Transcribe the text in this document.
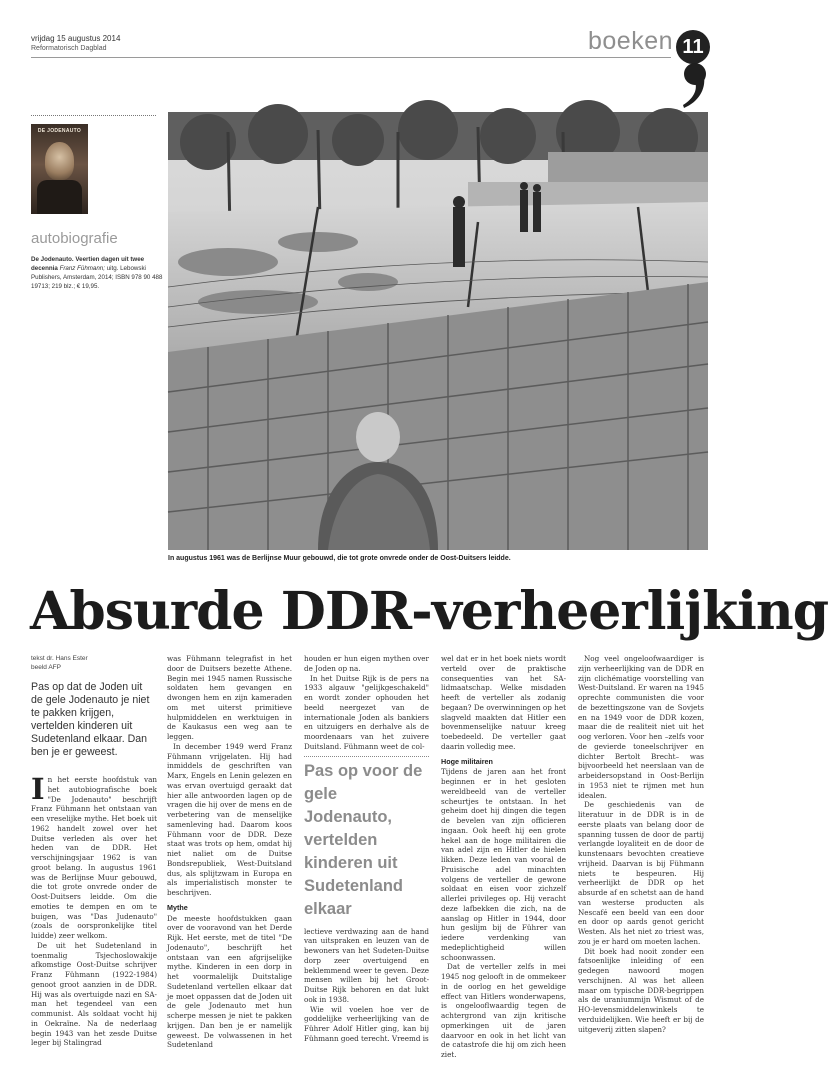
vrijdag 15 augustus 2014
Reformatorisch Dagblad	boeken 11
DE JODENAUTO
autobiografie
De Jodenauto. Veertien dagen uit twee decennia Franz Fühmann; uitg. Lebowski Publishers, Amsterdam, 2014; ISBN 978 90 488 19713; 219 blz.; € 19,95.
In augustus 1961 was de Berlijnse Muur gebouwd, die tot grote onvrede onder de Oost-Duitsers leidde.
Absurde DDR-verheerlijking
tekst dr. Hans Ester
beeld AFP
Pas op dat de Joden uit de gele Jodenauto je niet te pakken krijgen, vertelden kinderen uit Sudetenland elkaar. Dan ben je er geweest.

In het eerste hoofdstuk van het autobiografische boek "De Jodenauto" beschrijft Franz Fühmann het ontstaan van een vreselijke mythe. Het boek uit 1962 handelt zowel over het Duitse verleden als over het heden van de DDR. Het verschijningsjaar 1962 is van groot belang. In augustus 1961 was de Berlijnse Muur gebouwd, die tot grote onvrede onder de Oost-Duitsers leidde. Om die emoties te dempen en om te buigen, was "Das Judenauto" (zoals de oorspronkelijke titel luidde) zeer welkom.

De uit het Sudetenland in toenmalig Tsjechoslowakije afkomstige Oost-Duitse schrijver Franz Fühmann (1922-1984) genoot groot aanzien in de DDR. Hij was als overtuigde nazi en SA-man het tegendeel van een communist. Als soldaat vocht hij in Oekraïne. Na de nederlaag begin 1943 van het zesde Duitse leger bij Stalingrad

was Fühmann telegrafist in het door de Duitsers bezette Athene. Begin mei 1945 namen Russische soldaten hem gevangen en dwongen hem en zijn kameraden om met uiterst primitieve hulpmiddelen en werktuigen in de Kaukasus een weg aan te leggen.

In december 1949 werd Franz Fühmann vrijgelaten. Hij had inmiddels de geschriften van Marx, Engels en Lenin gelezen en was ervan overtuigd geraakt dat hier alle antwoorden lagen op de vragen die hij over de mens en de verbetering van de menselijke samenleving had. Daarom koos Fühmann voor de DDR. Deze staat was trots op hem, omdat hij niet naliet om de Duitse Bondsrepubliek, West-Duitsland dus, als splijtzwam in Europa en als imperialistisch monster te beschrijven.

Mythe

De meeste hoofdstukken gaan over de vooravond van het Derde Rijk. Het eerste, met de titel "De Jodenauto", beschrijft het ontstaan van een afgrijselijke mythe. Kinderen in een dorp in het voormalelijk Duitstalige Sudetenland vertellen elkaar dat je moet oppassen dat de Joden uit de gele Jodenauto met hun scherpe messen je niet te pakken krijgen. Dan ben je er namelijk geweest. De volwassenen in het Sudetenland

houden er hun eigen mythen over de Joden op na.

In het Duitse Rijk is de pers na 1933 algauw "gelijkgeschakeld" en wordt zonder ophouden het beeld neergezet van de internationale Joden als bankiers en uitzuigers en derhalve als de moordenaars van het zuivere Duitsland. Fühmann weet de col-

Pas op voor de gele Jodenauto, vertelden kinderen uit Sudetenland elkaar

lectieve verdwazing aan de hand van uitspraken en leuzen van de bewoners van het Sudeten-Duitse dorp zeer overtuigend en beklemmend weer te geven. Deze mensen willen bij het Groot-Duitse Rijk behoren en dat lukt ook in 1938.

Wie wil voelen hoe ver de goddelijke verheerlijking van de Führer Adolf Hitler ging, kan bij Fühmann goed terecht. Vreemd is

wel dat er in het boek niets wordt verteld over de praktische consequenties van het SA-lidmaatschap. Welke misdaden heeft de verteller als zodanig begaan? De overwinningen op het slagveld maakten dat Hitler een bovenmenselijke natuur kreeg toebedeeld. De verteller gaat daarin volledig mee.

Hoge militairen

Tijdens de jaren aan het front beginnen er in het gesloten wereldbeeld van de verteller scheurtjes te ontstaan. In het geheim doet hij dingen die tegen de bevelen van zijn officieren ingaan. Ook heeft hij een grote hekel aan de hoge militairen die van adel zijn en Hitler de hielen likken. Deze leden van vooral de Pruisische adel minachten volgens de verteller de gewone soldaat en eisen voor zichzelf allerlei privileges op. Hij veracht deze lafbekken die zich, na de aanslag op Hitler in 1944, door hun geslijm bij de Führer van iedere verdenking van medeplichtigheid willen schoonwassen.

Dat de verteller zelfs in mei 1945 nog gelooft in de ommekeer in de oorlog en het geweldige effect van Hitlers wonderwapens, is ongelooflwaardig tegen de achtergrond van zijn kritische opmerkingen uit de jaren daarvoor en ook in het licht van de catastrofe die hij om zich heen ziet.

Nog veel ongeloofwaardiger is zijn verheerlijking van de DDR en zijn clichématige voorstelling van West-Duitsland. Er waren na 1945 oprechte communisten die voor de bezettingszone van de Sovjets en na 1949 voor de DDR kozen, maar die de realiteit niet uit het oog verloren. Voor hen –zelfs voor de gevierde toneelschrijver en dichter Bertolt Brecht– was bijvoorbeeld het neerslaan van de arbeidersopstand in Oost-Berlijn in 1953 niet te rijmen met hun idealen.

De geschiedenis van de literatuur in de DDR is in de eerste plaats van belang door de spanning tussen de door de partij verlangde loyaliteit en de door de kunstenaars bevochten creatieve vrijheid. Daarvan is bij Fühmann niets te bespeuren. Hij verheerlijkt de DDR op het absurde af en schetst aan de hand van westerse producten als Nescafé een beeld van een door en door op aards genot gericht Westen. Als het niet zo triest was, zou je er hard om moeten lachen.

Dit boek had nooit zonder een fatsoenlijke inleiding of een gedegen nawoord mogen verschijnen. Al was het alleen maar om typische DDR-begrippen als de uraniummijn Wismut of de HO-levensmiddelenwinkels te verduidelijken. Wie heeft er bij de uitgeverij zitten slapen?
